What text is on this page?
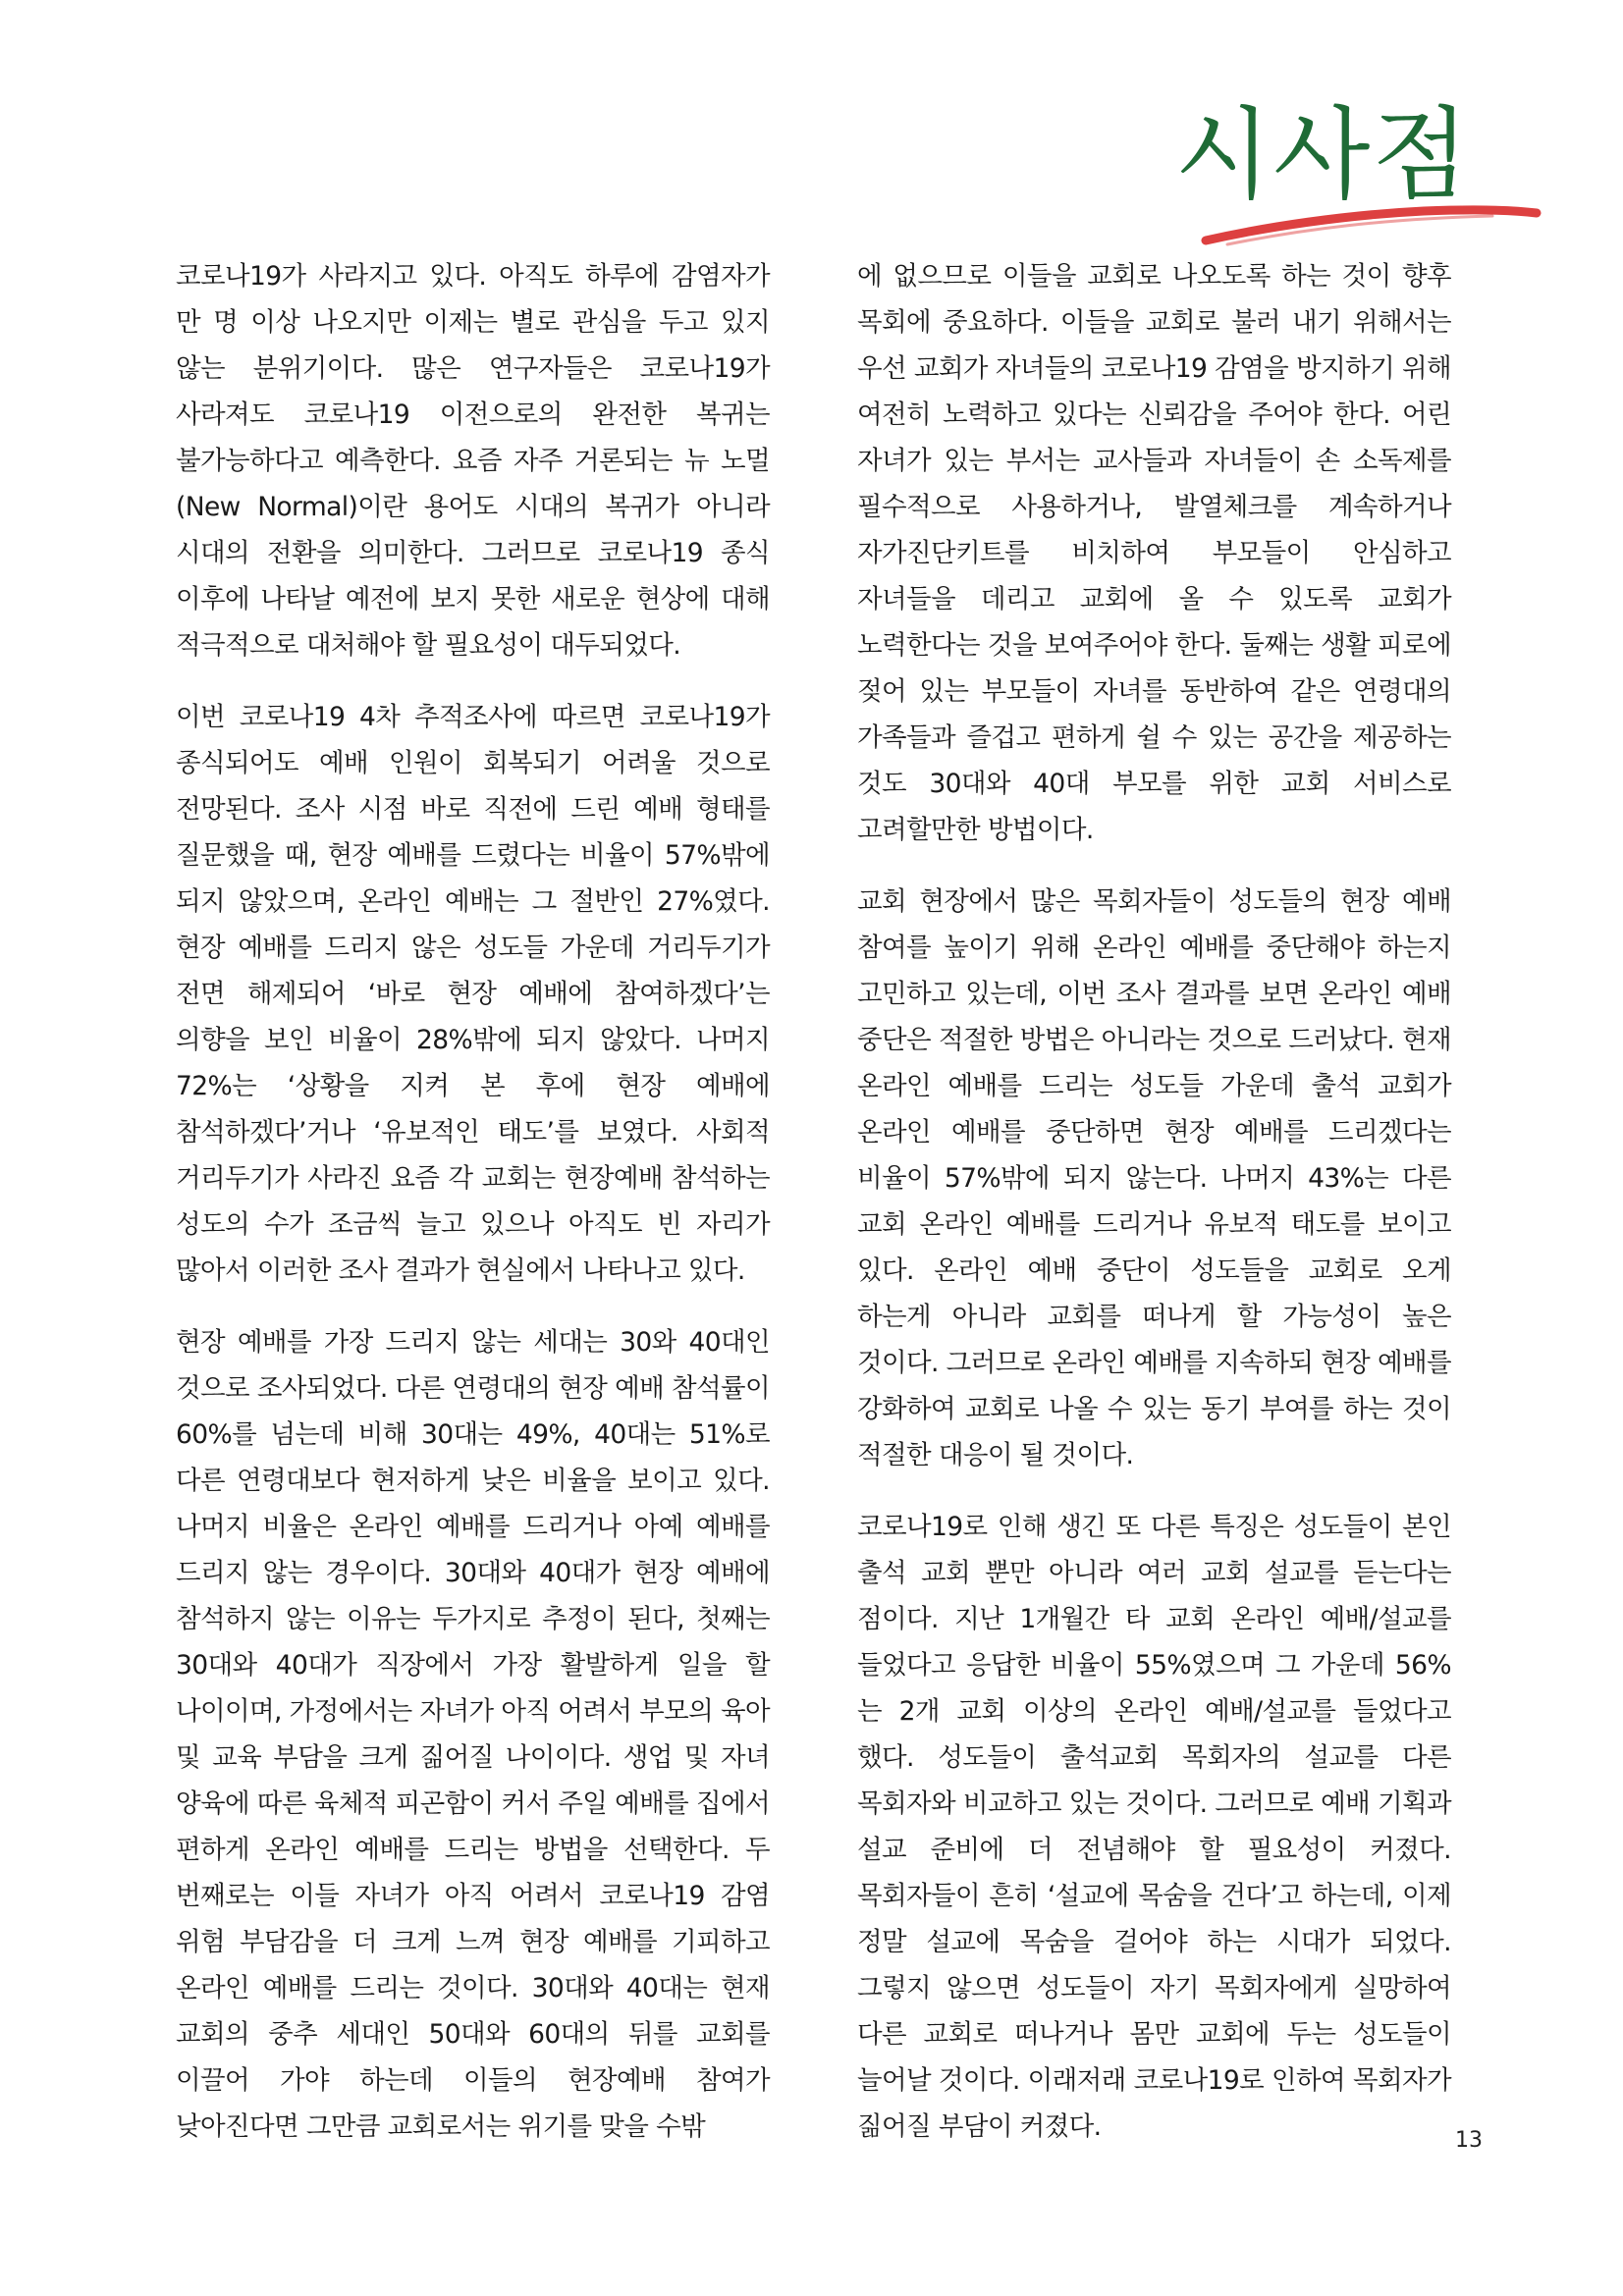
시사점

코로나19가 사라지고 있다. 아직도 하루에 감염자가 만 명 이상 나오지만 이제는 별로 관심을 두고 있지 않는 분위기이다. 많은 연구자들은 코로나19가 사라져도 코로나19 이전으로의 완전한 복귀는 불가능하다고 예측한다. 요즘 자주 거론되는 뉴 노멀(New Normal)이란 용어도 시대의 복귀가 아니라 시대의 전환을 의미한다. 그러므로 코로나19 종식 이후에 나타날 예전에 보지 못한 새로운 현상에 대해 적극적으로 대처해야 할 필요성이 대두되었다.

이번 코로나19 4차 추적조사에 따르면 코로나19가 종식되어도 예배 인원이 회복되기 어려울 것으로 전망된다. 조사 시점 바로 직전에 드린 예배 형태를 질문했을 때, 현장 예배를 드렸다는 비율이 57%밖에 되지 않았으며, 온라인 예배는 그 절반인 27%였다. 현장 예배를 드리지 않은 성도들 가운데 거리두기가 전면 해제되어 ‘바로 현장 예배에 참여하겠다’는 의향을 보인 비율이 28%밖에 되지 않았다. 나머지 72%는 ‘상황을 지켜 본 후에 현장 예배에 참석하겠다’거나 ‘유보적인 태도’를 보였다. 사회적 거리두기가 사라진 요즘 각 교회는 현장예배 참석하는 성도의 수가 조금씩 늘고 있으나 아직도 빈 자리가 많아서 이러한 조사 결과가 현실에서 나타나고 있다.

현장 예배를 가장 드리지 않는 세대는 30와 40대인 것으로 조사되었다. 다른 연령대의 현장 예배 참석률이 60%를 넘는데 비해 30대는 49%, 40대는 51%로 다른 연령대보다 현저하게 낮은 비율을 보이고 있다. 나머지 비율은 온라인 예배를 드리거나 아예 예배를 드리지 않는 경우이다. 30대와 40대가 현장 예배에 참석하지 않는 이유는 두가지로 추정이 된다, 첫째는 30대와 40대가 직장에서 가장 활발하게 일을 할 나이이며, 가정에서는 자녀가 아직 어려서 부모의 육아 및 교육 부담을 크게 짊어질 나이이다. 생업 및 자녀 양육에 따른 육체적 피곤함이 커서 주일 예배를 집에서 편하게 온라인 예배를 드리는 방법을 선택한다. 두 번째로는 이들 자녀가 아직 어려서 코로나19 감염 위험 부담감을 더 크게 느껴 현장 예배를 기피하고 온라인 예배를 드리는 것이다. 30대와 40대는 현재 교회의 중추 세대인 50대와 60대의 뒤를 교회를 이끌어 가야 하는데 이들의 현장예배 참여가 낮아진다면 그만큼 교회로서는 위기를 맞을 수밖

에 없으므로 이들을 교회로 나오도록 하는 것이 향후 목회에 중요하다. 이들을 교회로 불러 내기 위해서는 우선 교회가 자녀들의 코로나19 감염을 방지하기 위해 여전히 노력하고 있다는 신뢰감을 주어야 한다. 어린 자녀가 있는 부서는 교사들과 자녀들이 손 소독제를 필수적으로 사용하거나, 발열체크를 계속하거나 자가진단키트를 비치하여 부모들이 안심하고 자녀들을 데리고 교회에 올 수 있도록 교회가 노력한다는 것을 보여주어야 한다. 둘째는 생활 피로에 젖어 있는 부모들이 자녀를 동반하여 같은 연령대의 가족들과 즐겁고 편하게 쉴 수 있는 공간을 제공하는 것도 30대와 40대 부모를 위한 교회 서비스로 고려할만한 방법이다.

교회 현장에서 많은 목회자들이 성도들의 현장 예배 참여를 높이기 위해 온라인 예배를 중단해야 하는지 고민하고 있는데, 이번 조사 결과를 보면 온라인 예배 중단은 적절한 방법은 아니라는 것으로 드러났다. 현재 온라인 예배를 드리는 성도들 가운데 출석 교회가 온라인 예배를 중단하면 현장 예배를 드리겠다는 비율이 57%밖에 되지 않는다. 나머지 43%는 다른 교회 온라인 예배를 드리거나 유보적 태도를 보이고 있다. 온라인 예배 중단이 성도들을 교회로 오게 하는게 아니라 교회를 떠나게 할 가능성이 높은 것이다. 그러므로 온라인 예배를 지속하되 현장 예배를 강화하여 교회로 나올 수 있는 동기 부여를 하는 것이 적절한 대응이 될 것이다.

코로나19로 인해 생긴 또 다른 특징은 성도들이 본인 출석 교회 뿐만 아니라 여러 교회 설교를 듣는다는 점이다. 지난 1개월간 타 교회 온라인 예배/설교를 들었다고 응답한 비율이 55%였으며 그 가운데 56%는 2개 교회 이상의 온라인 예배/설교를 들었다고 했다. 성도들이 출석교회 목회자의 설교를 다른 목회자와 비교하고 있는 것이다. 그러므로 예배 기획과 설교 준비에 더 전념해야 할 필요성이 커졌다. 목회자들이 흔히 ‘설교에 목숨을 건다’고 하는데, 이제 정말 설교에 목숨을 걸어야 하는 시대가 되었다. 그렇지 않으면 성도들이 자기 목회자에게 실망하여 다른 교회로 떠나거나 몸만 교회에 두는 성도들이 늘어날 것이다. 이래저래 코로나19로 인하여 목회자가 짊어질 부담이 커졌다.	13
